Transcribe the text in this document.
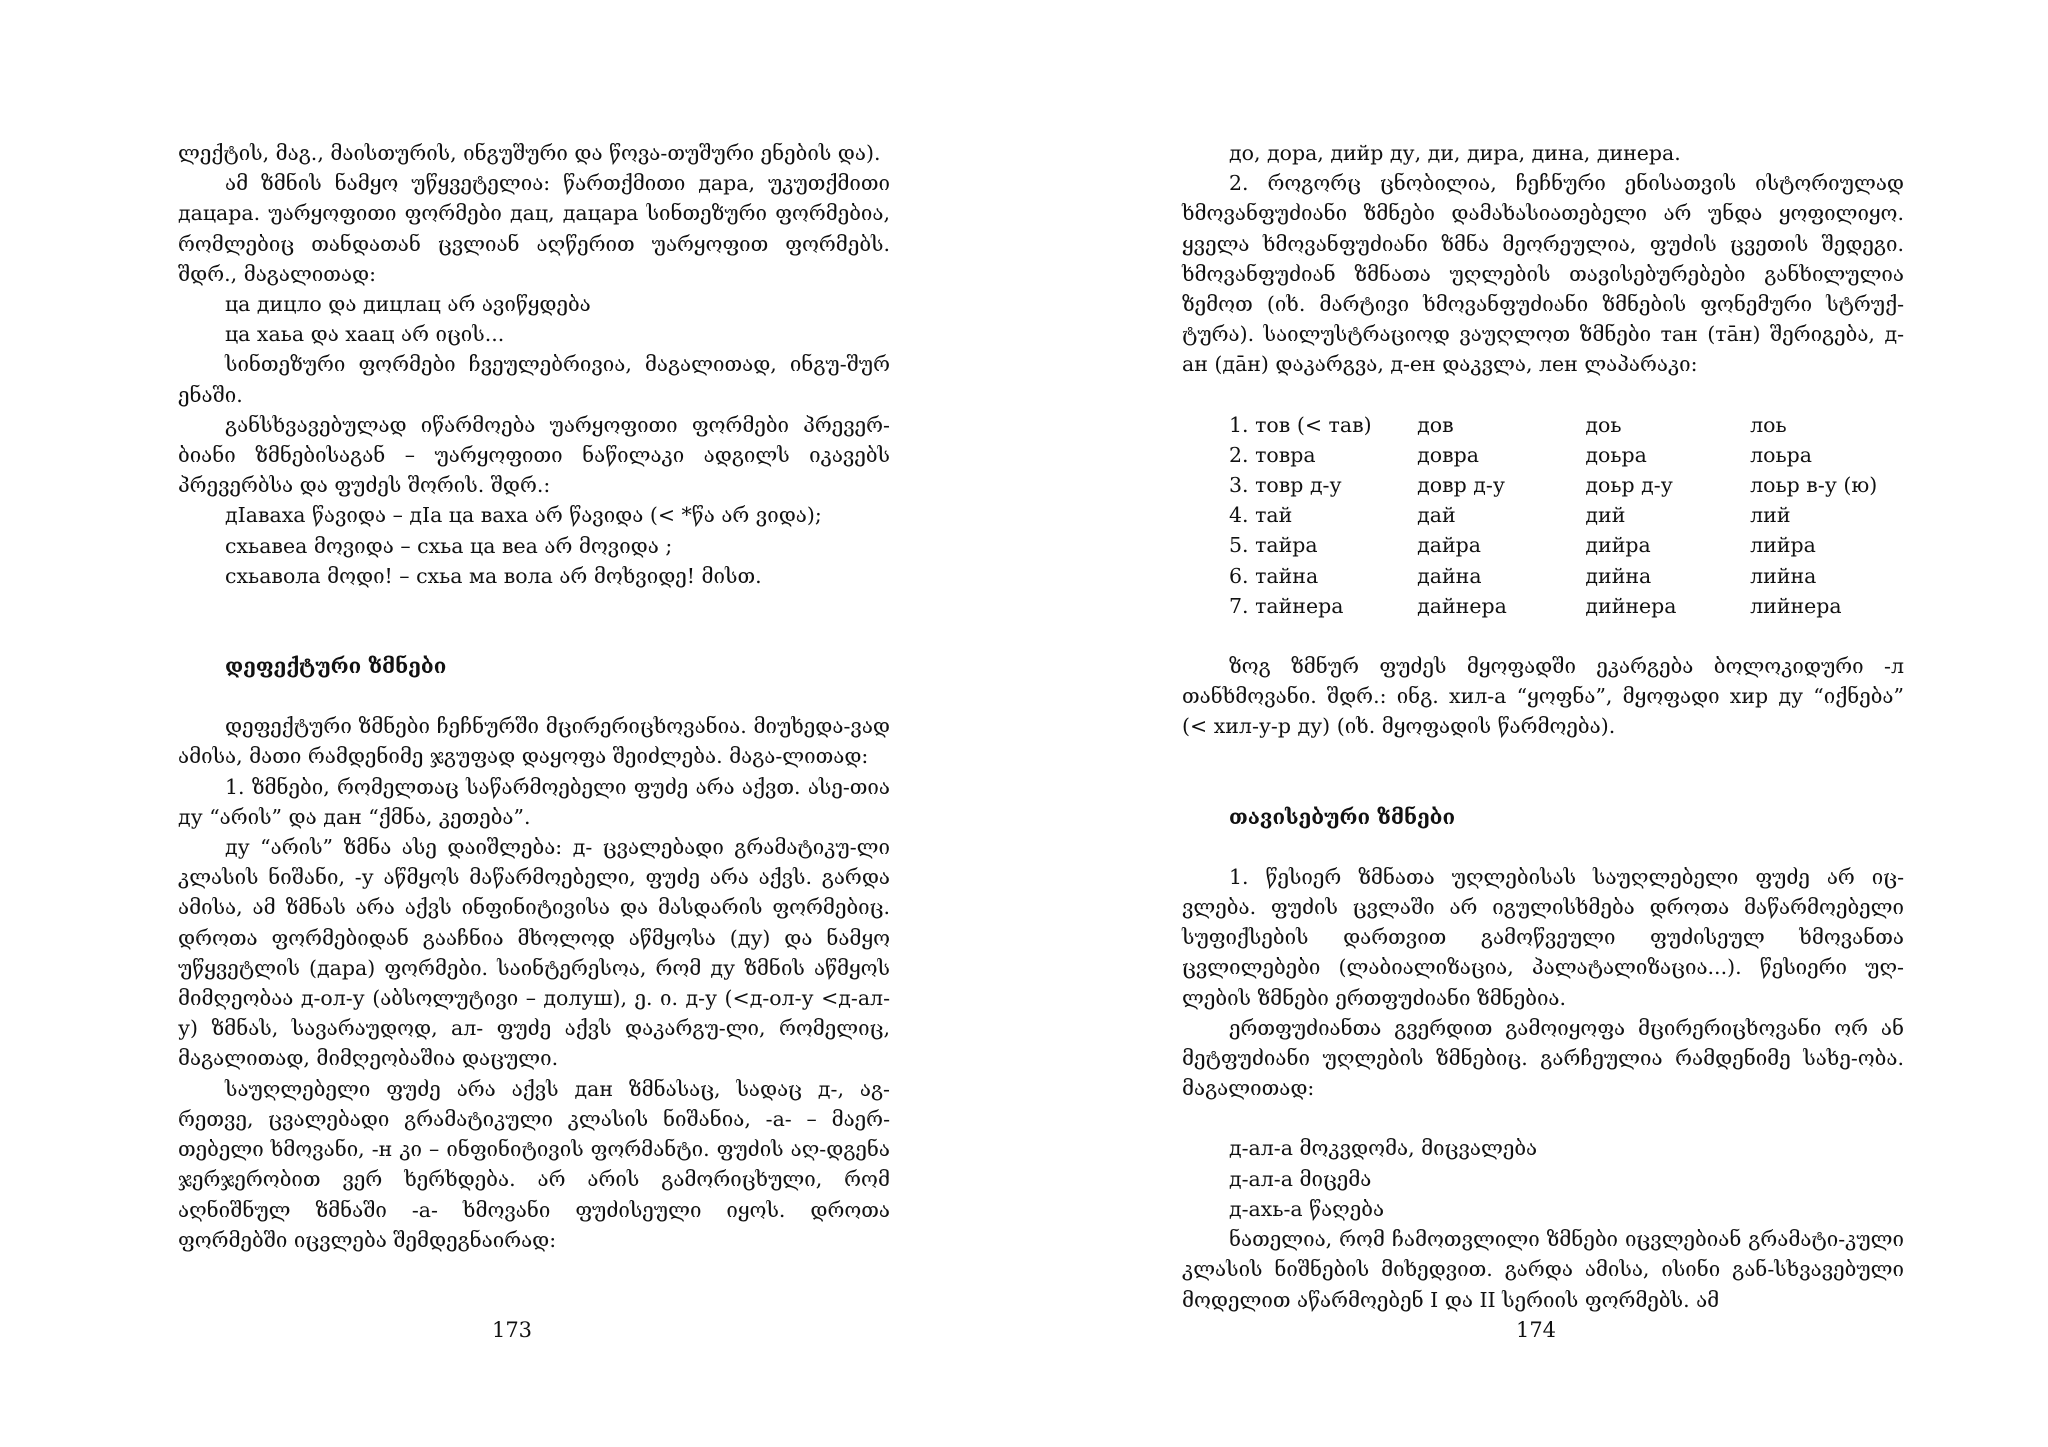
ლექტის, მაგ., მაისთურის, ინგუშური და წოვა-თუშური ენების და).

ამ ზმნის ნამყო უწყვეტელია: წართქმითი дара, უკუთქმითი дацара. უარყოფითი ფორმები дац, дацара სინთეზური ფორმებია, რომლებიც თანდათან ცვლიან აღწერით უარყოფით ფორმებს. შდრ., მაგალითად:

ца дицло და дицлац არ ავიწყდება
ца хаьа და хаац არ იცის...

სინთეზური ფორმები ჩვეულებრივია, მაგალითად, ინგუ-შურ ენაში.

განსხვავებულად იწარმოება უარყოფითი ფორმები პრევერ-ბიანი ზმნებისაგან – უარყოფითი ნაწილაკი ადგილს იკავებს პრევერბსა და ფუძეს შორის. შდრ.:

дIаваха წავიდა – дIа ца ваха არ წავიდა (< *წა არ ვიდა);
схьавеа მოვიდა – схьа ца веа არ მოვიდა ;
схьавола მოდი! – схьа ма вола არ მოხვიდე! მისთ.
დეფექტური ზმნები

დეფექტური ზმნები ჩეჩნურში მცირერიცხოვანია. მიუხედა-ვად ამისა, მათი რამდენიმე ჯგუფად დაყოფა შეიძლება. მაგა-ლითად:

1. ზმნები, რომელთაც საწარმოებელი ფუძე არა აქვთ. ასე-თია ду “არის” და дан “ქმნა, კეთება”.

ду “არის” ზმნა ასე დაიშლება: д- ცვალებადი გრამატიკუ-ლი კლასის ნიშანი, -у აწმყოს მაწარმოებელი, ფუძე არა აქვს. გარდა ამისა, ამ ზმნას არა აქვს ინფინიტივისა და მასდარის ფორმებიც. დროთა ფორმებიდან გააჩნია მხოლოდ აწმყოსა (ду) და ნამყო უწყვეტლის (дара) ფორმები. საინტერესოა, რომ ду ზმნის აწმყოს მიმღეობაა д-ол-у (აბსოლუტივი – долуш), ე. ი. д-у (<д-ол-у <д-ал-у) ზმნას, სავარაუდოდ, ал- ფუძე აქვს დაკარგუ-ლი, რომელიც, მაგალითად, მიმღეობაშია დაცული.

საუღლებელი ფუძე არა აქვს дан ზმნასაც, სადაც д-, აგ-რეთვე, ცვალებადი გრამატიკული კლასის ნიშანია, -а- – მაერ-თებელი ხმოვანი, -н კი – ინფინიტივის ფორმანტი. ფუძის აღ-დგენა ჯერჯერობით ვერ ხერხდება. არ არის გამორიცხული, რომ აღნიშნულ ზმნაში -а- ხმოვანი ფუძისეული იყოს. დროთა ფორმებში იცვლება შემდეგნაირად:

173

до, дора, дийр ду, ди, дира, дина, динера.

2. როგორც ცნობილია, ჩეჩნური ენისათვის ისტორიულად ხმოვანფუძიანი ზმნები დამახასიათებელი არ უნდა ყოფილიყო. ყველა ხმოვანფუძიანი ზმნა მეორეულია, ფუძის ცვეთის შედეგი. ხმოვანფუძიან ზმნათა უღლების თავისებურებები განხილულია ზემოთ (იხ. მარტივი ხმოვანფუძიანი ზმნების ფონემური სტრუქ-ტურა). საილუსტრაციოდ ვაუღლოთ ზმნები тан (тāн) შერიგება, д-ан (дāн) დაკარგვა, д-ен დაკვლა, лен ლაპარაკი:

1. тов (< тав)	дов	доь	лоь
2. товра	довра	доьра	лоьра
3. товр д-у	довр д-у	доьр д-у	лоьр в-у (ю)
4. тай	дай	дий	лий
5. тайра	дайра	дийра	лийра
6. тайна	дайна	дийна	лийна
7. тайнера	дайнера	дийнера	лийнера

ზოგ ზმნურ ფუძეს მყოფადში ეკარგება ბოლოკიდური -л თანხმოვანი. შდრ.: ინგ. хил-а “ყოფნა”, მყოფადი хир ду “იქნება” (< хил-у-р ду) (იხ. მყოფადის წარმოება).

თავისებური ზმნები

1. წესიერ ზმნათა უღლებისას საუღლებელი ფუძე არ იც-ვლება. ფუძის ცვლაში არ იგულისხმება დროთა მაწარმოებელი სუფიქსების დართვით გამოწვეული ფუძისეულ ხმოვანთა ცვლილებები (ლაბიალიზაცია, პალატალიზაცია...). წესიერი უღ-ლების ზმნები ერთფუძიანი ზმნებია.

ერთფუძიანთა გვერდით გამოიყოფა მცირერიცხოვანი ორ ან მეტფუძიანი უღლების ზმნებიც. გარჩეულია რამდენიმე სახე-ობა. მაგალითად:

д-ал-а მოკვდომა, მიცვალება
д-ал-а მიცემა
д-ахь-а წაღება

ნათელია, რომ ჩამოთვლილი ზმნები იცვლებიან გრამატი-კული კლასის ნიშნების მიხედვით. გარდა ამისა, ისინი გან-სხვავებული მოდელით აწარმოებენ I და II სერიის ფორმებს. ამ

174
